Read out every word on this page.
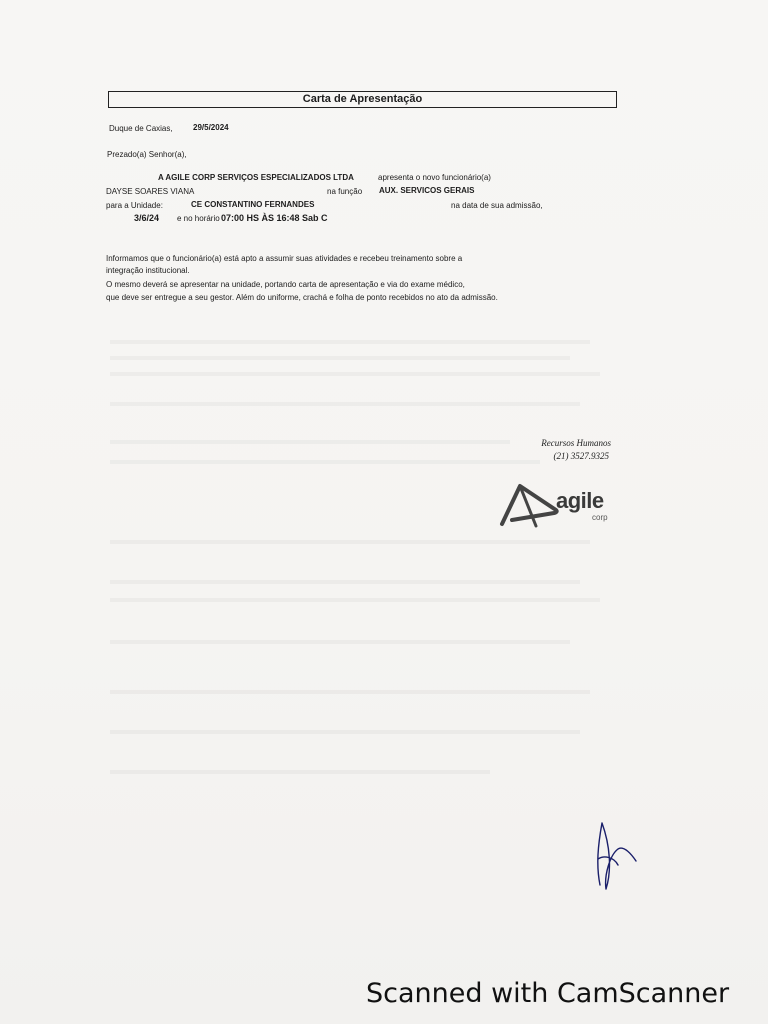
Carta de Apresentação
Duque de Caxias,	29/5/2024
Prezado(a) Senhor(a),
A AGILE CORP SERVIÇOS ESPECIALIZADOS LTDA	apresenta o novo funcionário(a)
DAYSE SOARES VIANA	na função AUX. SERVICOS GERAIS
para a Unidade:	CE CONSTANTINO FERNANDES	na data de sua admissão,
3/6/24 e no horário 07:00 HS ÀS 16:48 Sab C
Informamos que o funcionário(a) está apto a assumir suas atividades e recebeu treinamento sobre a
integração institucional.
O mesmo deverá se apresentar na unidade, portando carta de apresentação e via do exame médico,
que deve ser entregue a seu gestor. Além do uniforme, crachá e folha de ponto recebidos no ato da admissão.
Recursos Humanos
(21) 3527.9325
agile
corp
Scanned with CamScanner
